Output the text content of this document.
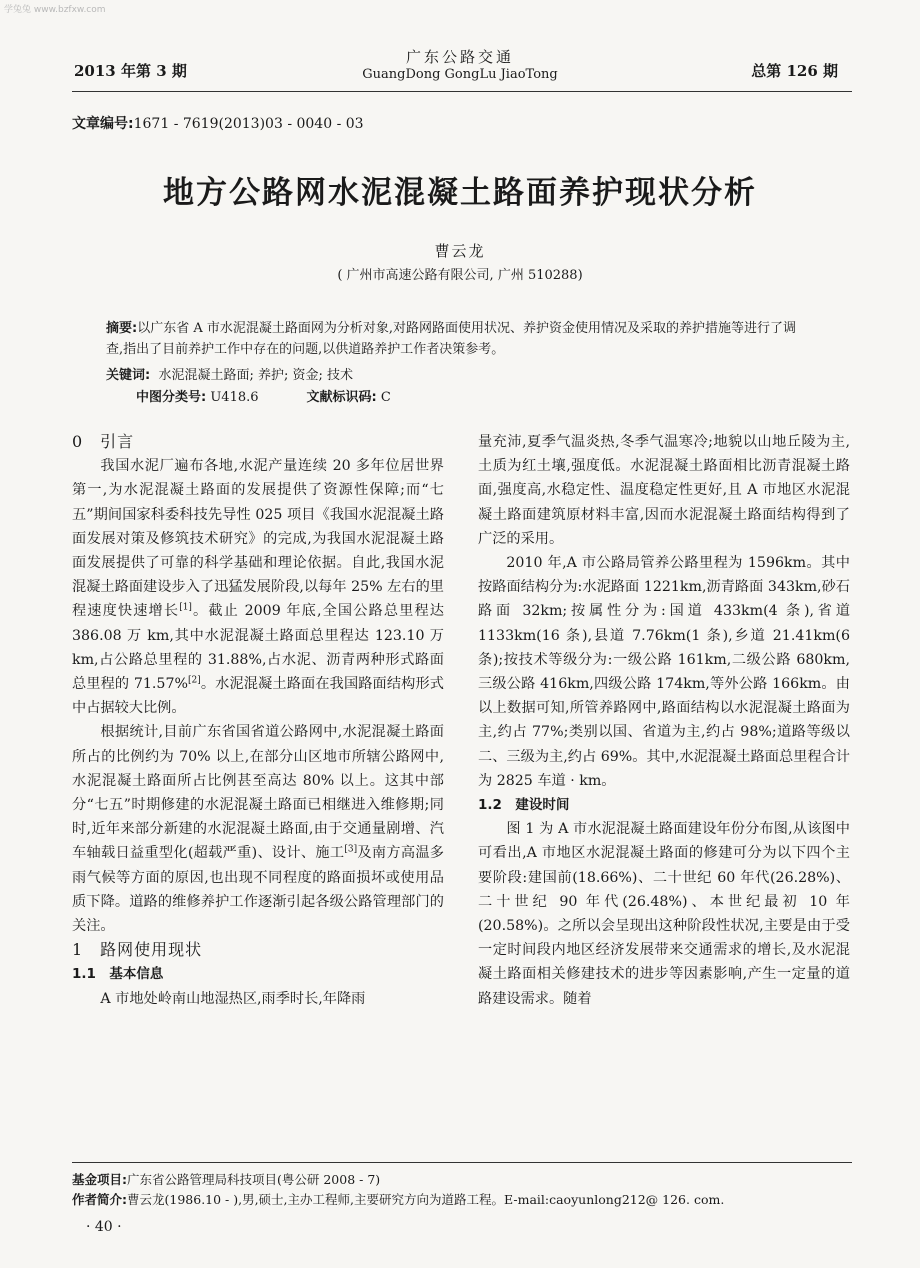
学兔兔 www.bzfxw.com
2013 年第 3 期
广东公路交通
GuangDong GongLu JiaoTong	总第 126 期
文章编号:1671 - 7619(2013)03 - 0040 - 03
地方公路网水泥混凝土路面养护现状分析
曹云龙
( 广州市高速公路有限公司, 广州 510288)
摘要:以广东省 A 市水泥混凝土路面网为分析对象,对路网路面使用状况、养护资金使用情况及采取的养护措施等进行了调查,指出了目前养护工作中存在的问题,以供道路养护工作者决策参考。
关键词: 水泥混凝土路面; 养护; 资金; 技术
中图分类号: U418.6	文献标识码: C
0　引言

我国水泥厂遍布各地,水泥产量连续 20 多年位居世界第一,为水泥混凝土路面的发展提供了资源性保障;而“七五”期间国家科委科技先导性 025 项目《我国水泥混凝土路面发展对策及修筑技术研究》的完成,为我国水泥混凝土路面发展提供了可靠的科学基础和理论依据。自此,我国水泥混凝土路面建设步入了迅猛发展阶段,以每年 25% 左右的里程速度快速增长[1]。截止 2009 年底,全国公路总里程达 386.08 万 km,其中水泥混凝土路面总里程达 123.10 万 km,占公路总里程的 31.88%,占水泥、沥青两种形式路面总里程的 71.57%[2]。水泥混凝土路面在我国路面结构形式中占据较大比例。

根据统计,目前广东省国省道公路网中,水泥混凝土路面所占的比例约为 70% 以上,在部分山区地市所辖公路网中,水泥混凝土路面所占比例甚至高达 80% 以上。这其中部分“七五”时期修建的水泥混凝土路面已相继进入维修期;同时,近年来部分新建的水泥混凝土路面,由于交通量剧增、汽车轴载日益重型化(超载严重)、设计、施工[3]及南方高温多雨气候等方面的原因,也出现不同程度的路面损坏或使用品质下降。道路的维修养护工作逐渐引起各级公路管理部门的关注。

1　路网使用现状
1.1　基本信息

A 市地处岭南山地湿热区,雨季时长,年降雨

量充沛,夏季气温炎热,冬季气温寒冷;地貌以山地丘陵为主,土质为红土壤,强度低。水泥混凝土路面相比沥青混凝土路面,强度高,水稳定性、温度稳定性更好,且 A 市地区水泥混凝土路面建筑原材料丰富,因而水泥混凝土路面结构得到了广泛的采用。

2010 年,A 市公路局管养公路里程为 1596km。其中按路面结构分为:水泥路面 1221km,沥青路面 343km,砂石路面 32km;按属性分为:国道 433km(4 条),省道 1133km(16 条),县道 7.76km(1 条),乡道 21.41km(6 条);按技术等级分为:一级公路 161km,二级公路 680km,三级公路 416km,四级公路 174km,等外公路 166km。由以上数据可知,所管养路网中,路面结构以水泥混凝土路面为主,约占 77%;类别以国、省道为主,约占 98%;道路等级以二、三级为主,约占 69%。其中,水泥混凝土路面总里程合计为 2825 车道 · km。

1.2　建设时间

图 1 为 A 市水泥混凝土路面建设年份分布图,从该图中可看出,A 市地区水泥混凝土路面的修建可分为以下四个主要阶段:建国前(18.66%)、二十世纪 60 年代(26.28%)、二十世纪 90 年代(26.48%)、本世纪最初 10 年(20.58%)。之所以会呈现出这种阶段性状况,主要是由于受一定时间段内地区经济发展带来交通需求的增长,及水泥混凝土路面相关修建技术的进步等因素影响,产生一定量的道路建设需求。随着

基金项目:广东省公路管理局科技项目(粤公研 2008 - 7)
作者简介:曹云龙(1986.10 - ),男,硕士,主办工程师,主要研究方向为道路工程。E-mail:caoyunlong212@ 126. com.
· 40 ·
